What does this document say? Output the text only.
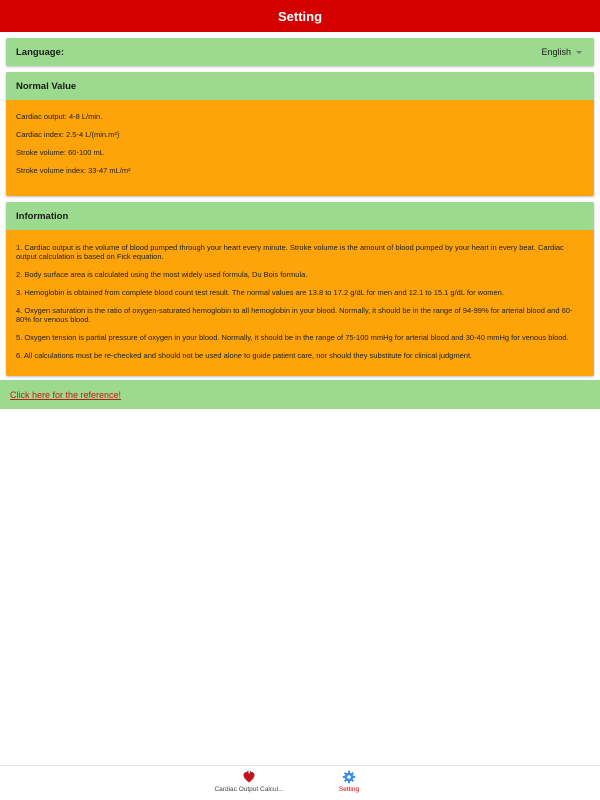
Setting
Language:	English
Normal Value

Cardiac output: 4-8 L/min.

Cardiac index: 2.5-4 L/(min.m²)

Stroke volume: 60-100 mL

Stroke volume index: 33-47 mL/m²

Information

1. Cardiac output is the volume of blood pumped through your heart every minute. Stroke volume is the amount of blood pumped by your heart in every beat. Cardiac output calculation is based on Fick equation.

2. Body surface area is calculated using the most widely used formula, Du Bois formula.

3. Hemoglobin is obtained from complete blood count test result. The normal values are 13.8 to 17.2 g/dL for men and 12.1 to 15.1 g/dL for women.

4. Oxygen saturation is the ratio of oxygen-saturated hemoglobin to all hemoglobin in your blood. Normally, it should be in the range of 94-99% for arterial blood and 60-80% for venous blood.

5. Oxygen tension is partial pressure of oxygen in your blood. Normally, it should be in the range of 75-100 mmHg for arterial blood and 30-40 mmHg for venous blood.

6. All calculations must be re-checked and should not be used alone to guide patient care, nor should they substitute for clinical judgment.

Click here for the reference!
Cardiac Output Calcul...	Setting
